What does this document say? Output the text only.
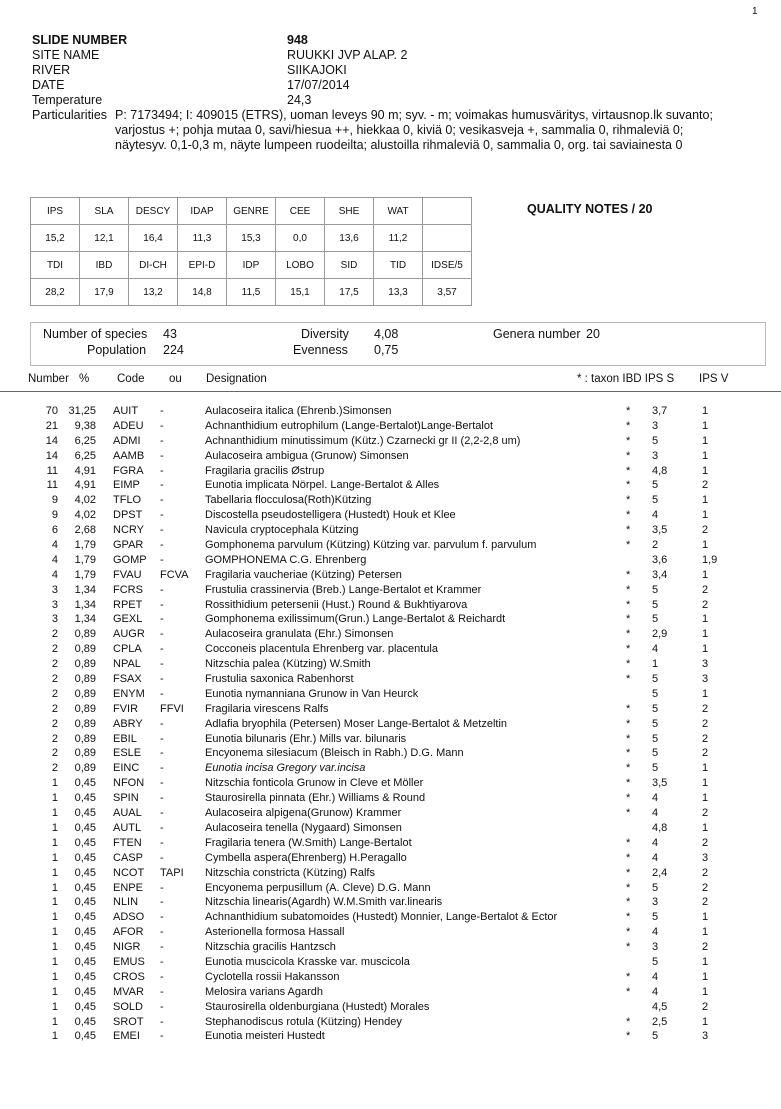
1
SLIDE NUMBER	948
SITE NAME	RUUKKI JVP ALAP. 2
RIVER	SIIKAJOKI
DATE	17/07/2014
Temperature	24,3
Particularities P: 7173494; I: 409015 (ETRS), uoman leveys 90 m; syv. - m; voimakas humusväritys, virtausnop.lk suvanto; varjostus +; pohja mutaa 0, savi/hiesua ++, hiekkaa 0, kiviä 0; vesikasveja +, sammalia 0, rihmaleviä 0; näytesyv. 0,1-0,3 m, näyte lumpeen ruodeilta; alustoilla rihmaleviä 0, sammalia 0, org. tai saviainesta 0
IPS	SLA	DESCY	IDAP	GENRE	CEE	SHE	WAT	
15,2	12,1	16,4	11,3	15,3	0,0	13,6	11,2	
TDI	IBD	DI-CH	EPI-D	IDP	LOBO	SID	TID	IDSE/5
28,2	17,9	13,2	14,8	11,5	15,1	17,5	13,3	3,57
QUALITY NOTES / 20
Number of species 43
Population 224
Diversity 4,08
Evenness 0,75
Genera number 20
Number % Code ou Designation	* : taxon IBD IPS S IPS V
70 31,25 AUIT -	Aulacoseira italica (Ehrenb.)Simonsen	* 3,7	1
21	9,38 ADEU -	Achnanthidium eutrophilum (Lange-Bertalot)Lange-Bertalot	* 3	1
14	6,25 ADMI -	Achnanthidium minutissimum (Kütz.) Czarnecki gr II (2,2-2,8 um)	* 5	1
14	6,25 AAMB -	Aulacoseira ambigua (Grunow) Simonsen	* 3	1
11	4,91 FGRA -	Fragilaria gracilis Østrup	* 4,8	1
11	4,91 EIMP -	Eunotia implicata Nörpel. Lange-Bertalot & Alles	* 5	2
9	4,02 TFLO -	Tabellaria flocculosa(Roth)Kützing	* 5	1
9	4,02 DPST -	Discostella pseudostelligera (Hustedt) Houk et Klee	* 4	1
6	2,68 NCRY -	Navicula cryptocephala Kützing	* 3,5	2
4	1,79 GPAR -	Gomphonema parvulum (Kützing) Kützing var. parvulum f. parvulum	* 2	1
4	1,79 GOMP -	GOMPHONEMA C.G. Ehrenberg	3,6	1,9
4	1,79 FVAU FCVA Fragilaria vaucheriae (Kützing) Petersen	* 3,4	1
3	1,34 FCRS -	Frustulia crassinervia (Breb.) Lange-Bertalot et Krammer	* 5	2
3	1,34 RPET -	Rossithidium petersenii (Hust.) Round & Bukhtiyarova	* 5	2
3	1,34 GEXL -	Gomphonema exilissimum(Grun.) Lange-Bertalot & Reichardt	* 5	1
2	0,89 AUGR -	Aulacoseira granulata (Ehr.) Simonsen	* 2,9	1
2	0,89 CPLA -	Cocconeis placentula Ehrenberg var. placentula	* 4	1
2	0,89 NPAL -	Nitzschia palea (Kützing) W.Smith	* 1	3
2	0,89 FSAX -	Frustulia saxonica Rabenhorst	* 5	3
2	0,89 ENYM -	Eunotia nymanniana Grunow in Van Heurck	5	1
2	0,89 FVIR FFVI Fragilaria virescens Ralfs	* 5	2
2	0,89 ABRY -	Adlafia bryophila (Petersen) Moser Lange-Bertalot & Metzeltin	* 5	2
2	0,89 EBIL -	Eunotia bilunaris (Ehr.) Mills var. bilunaris	* 5	2
2	0,89 ESLE -	Encyonema silesiacum (Bleisch in Rabh.) D.G. Mann	* 5	2
2	0,89 EINC -	Eunotia incisa Gregory var.incisa	* 5	1
1	0,45 NFON -	Nitzschia fonticola Grunow in Cleve et Möller	* 3,5	1
1	0,45 SPIN -	Staurosirella pinnata (Ehr.) Williams & Round	* 4	1
1	0,45 AUAL -	Aulacoseira alpigena(Grunow) Krammer	* 4	2
1	0,45 AUTL -	Aulacoseira tenella (Nygaard) Simonsen	4,8	1
1	0,45 FTEN -	Fragilaria tenera (W.Smith) Lange-Bertalot	* 4	2
1	0,45 CASP -	Cymbella aspera(Ehrenberg) H.Peragallo	* 4	3
1	0,45 NCOT TAPI Nitzschia constricta (Kützing) Ralfs	* 2,4	2
1	0,45 ENPE -	Encyonema perpusillum (A. Cleve) D.G. Mann	* 5	2
1	0,45 NLIN -	Nitzschia linearis(Agardh) W.M.Smith var.linearis	* 3	2
1	0,45 ADSO -	Achnanthidium subatomoides (Hustedt) Monnier, Lange-Bertalot & Ector	* 5	1
1	0,45 AFOR -	Asterionella formosa Hassall	* 4	1
1	0,45 NIGR -	Nitzschia gracilis Hantzsch	* 3	2
1	0,45 EMUS -	Eunotia muscicola Krasske var. muscicola	5	1
1	0,45 CROS -	Cyclotella rossii Hakansson	* 4	1
1	0,45 MVAR -	Melosira varians Agardh	* 4	1
1	0,45 SOLD -	Staurosirella oldenburgiana (Hustedt) Morales	4,5	2
1	0,45 SROT -	Stephanodiscus rotula (Kützing) Hendey	* 2,5	1
1	0,45 EMEI -	Eunotia meisteri Hustedt	* 5	3
